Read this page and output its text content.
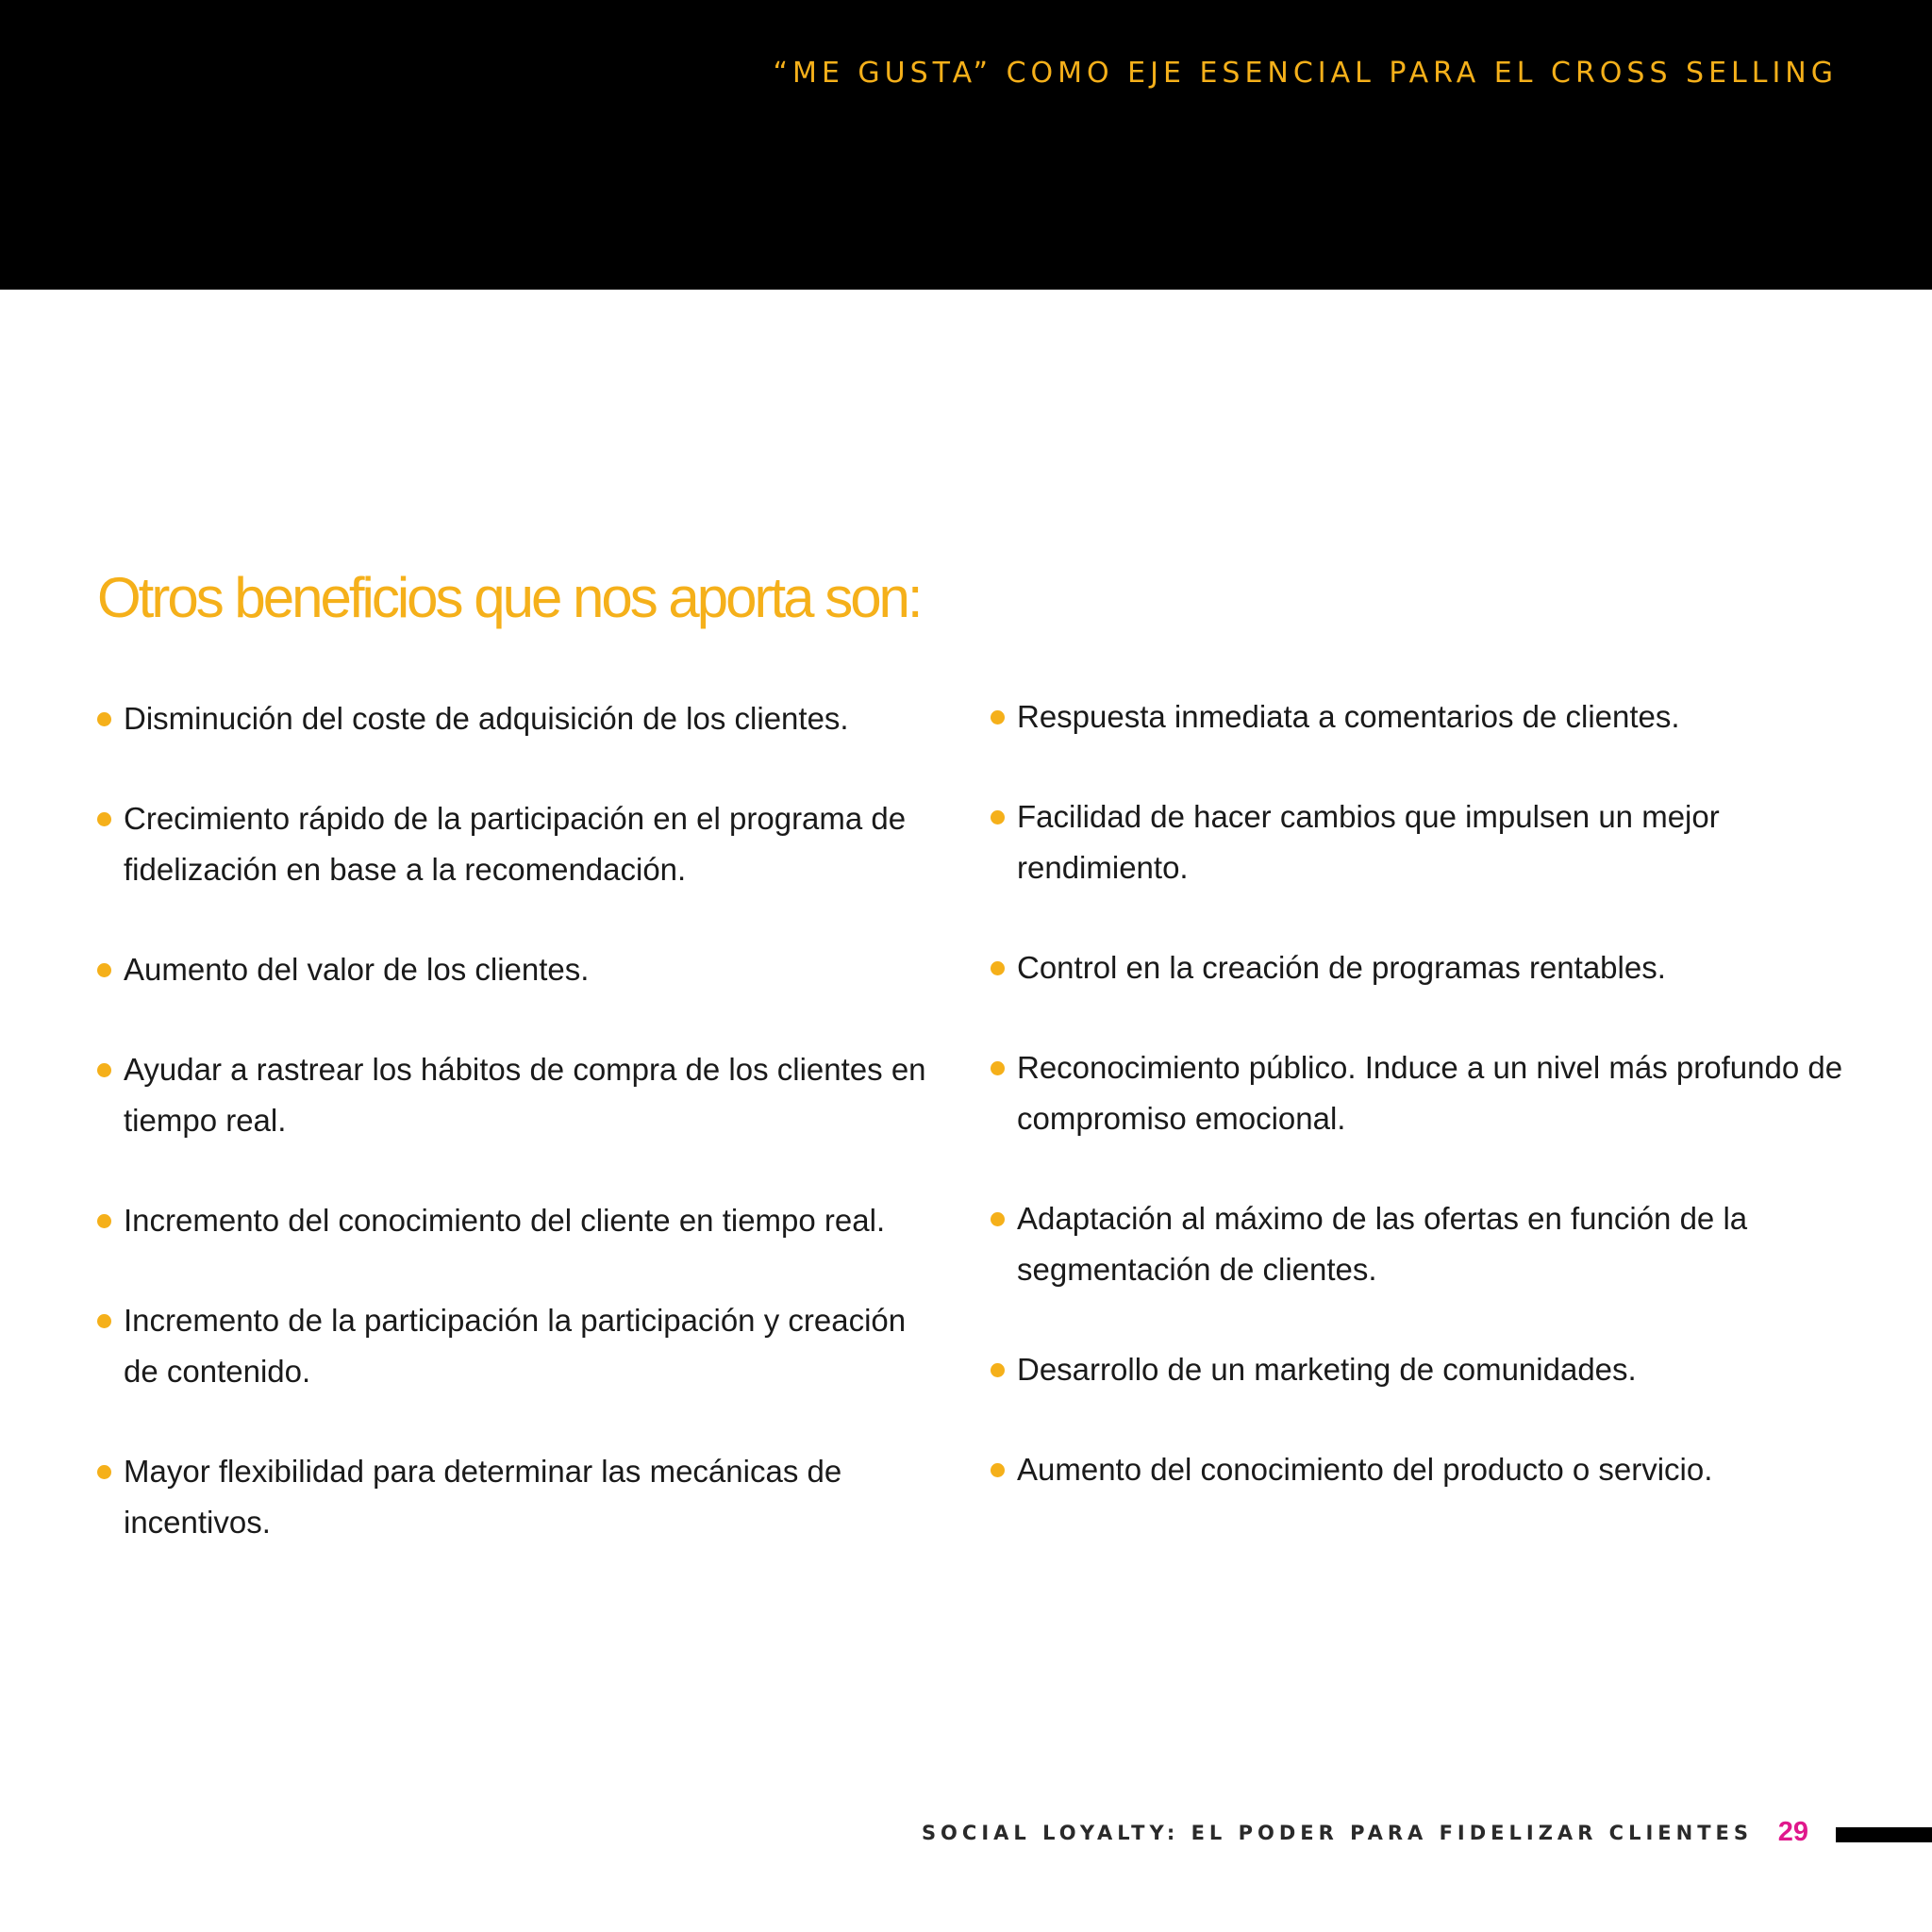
“ME GUSTA” COMO EJE ESENCIAL PARA EL CROSS SELLING
Otros beneficios que nos aporta son:
Disminución del coste de adquisición de los clientes.
Crecimiento rápido de la participación en el programa de fidelización en base a la recomendación.
Aumento del valor de los clientes.
Ayudar a rastrear los hábitos de compra de los clientes en tiempo real.
Incremento del conocimiento del cliente en tiempo real.
Incremento de la participación la participación y creación de contenido.
Mayor flexibilidad para determinar las mecánicas de incentivos.
Respuesta inmediata a comentarios de clientes.
Facilidad de hacer cambios que impulsen un mejor rendimiento.
Control en la creación de programas rentables.
Reconocimiento público. Induce a un nivel más profundo de compromiso emocional.
Adaptación al máximo de las ofertas en función de la segmentación de clientes.
Desarrollo de un marketing de comunidades.
Aumento del conocimiento del producto o servicio.
SOCIAL LOYALTY: EL PODER PARA FIDELIZAR CLIENTES 29
